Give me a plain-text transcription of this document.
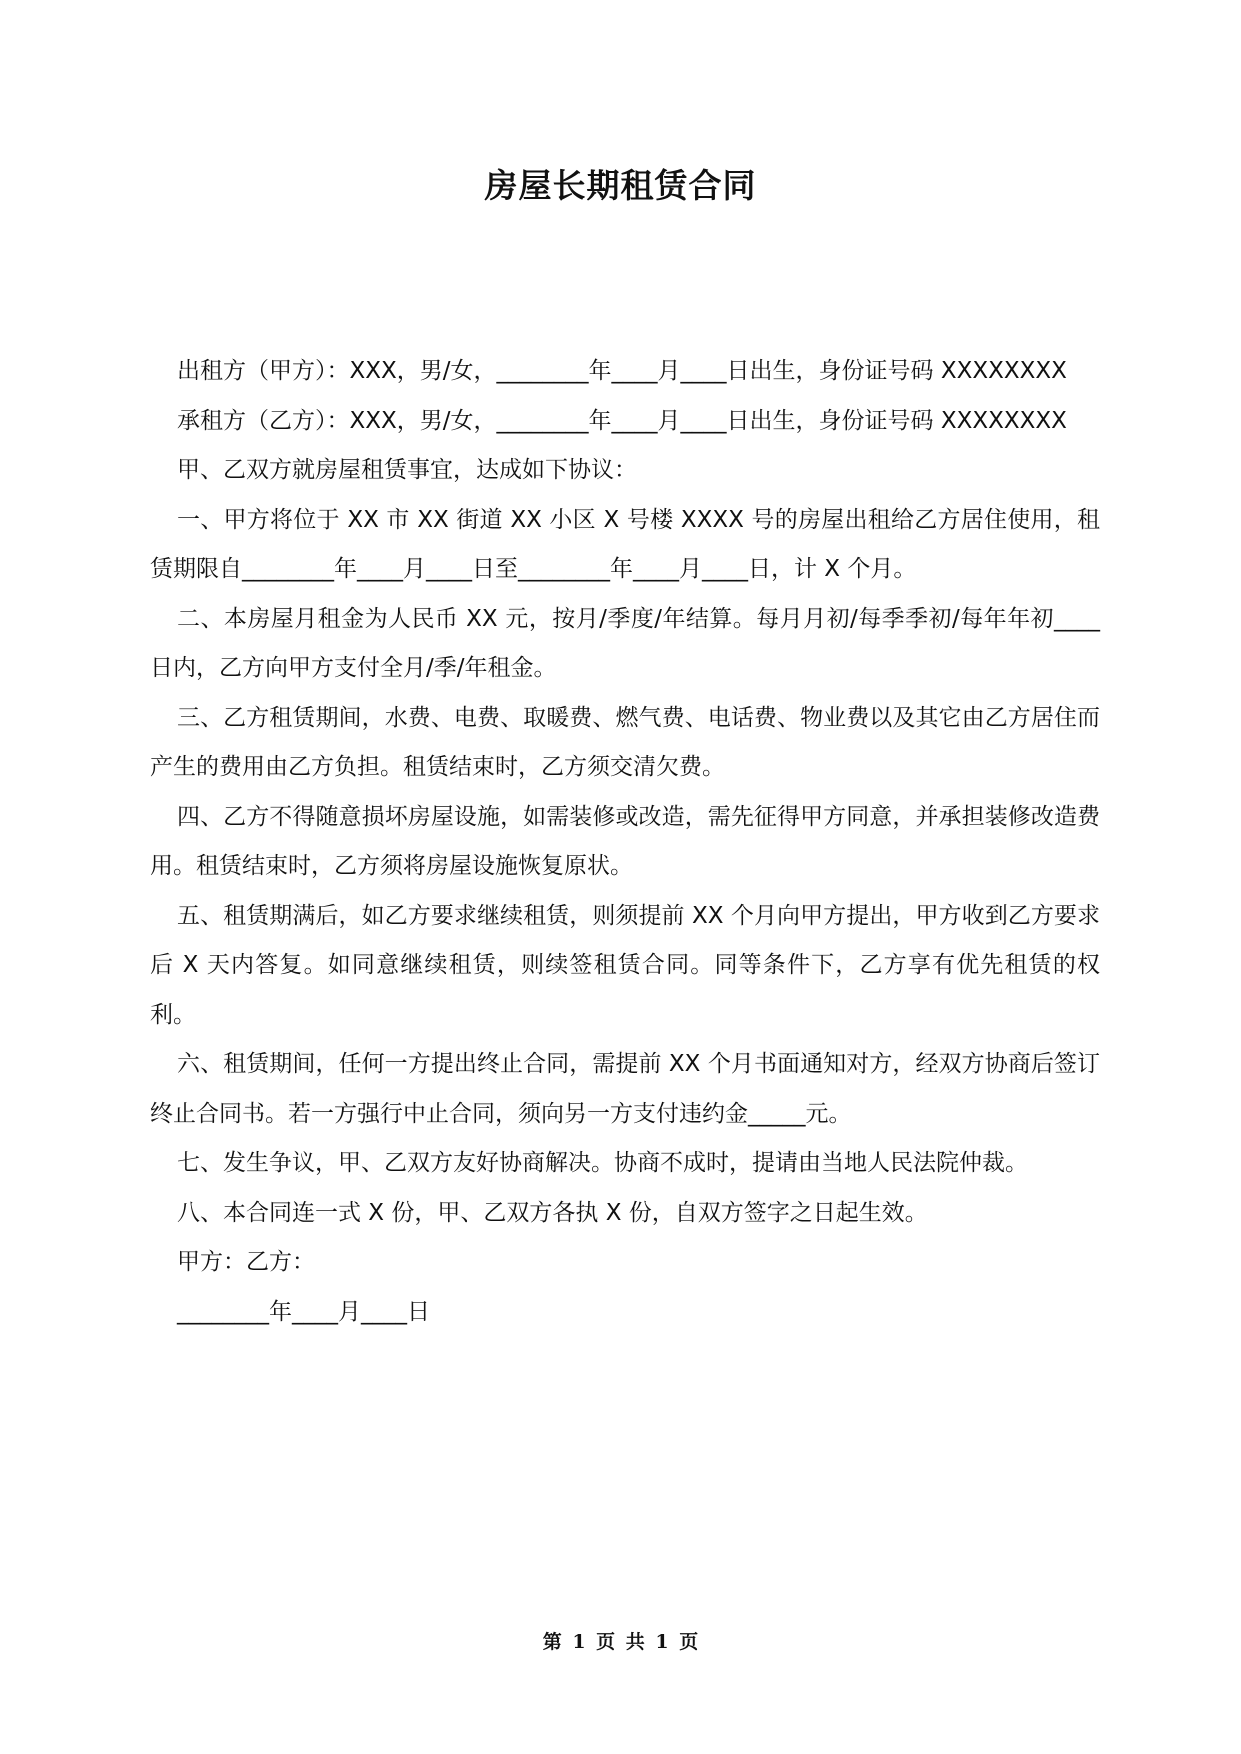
房屋长期租赁合同

出租方（甲方）：XXX，男/女，________年____月____日出生，身份证号码 XXXXXXXX

承租方（乙方）：XXX，男/女，________年____月____日出生，身份证号码 XXXXXXXX

甲、乙双方就房屋租赁事宜，达成如下协议：

一、甲方将位于 XX 市 XX 街道 XX 小区 X 号楼 XXXX 号的房屋出租给乙方居住使用，租赁期限自________年____月____日至________年____月____日，计 X 个月。

二、本房屋月租金为人民币 XX 元，按月/季度/年结算。每月月初/每季季初/每年年初____日内，乙方向甲方支付全月/季/年租金。

三、乙方租赁期间，水费、电费、取暖费、燃气费、电话费、物业费以及其它由乙方居住而产生的费用由乙方负担。租赁结束时，乙方须交清欠费。

四、乙方不得随意损坏房屋设施，如需装修或改造，需先征得甲方同意，并承担装修改造费用。租赁结束时，乙方须将房屋设施恢复原状。

五、租赁期满后，如乙方要求继续租赁，则须提前 XX 个月向甲方提出，甲方收到乙方要求后 X 天内答复。如同意继续租赁，则续签租赁合同。同等条件下，乙方享有优先租赁的权利。

六、租赁期间，任何一方提出终止合同，需提前 XX 个月书面通知对方，经双方协商后签订终止合同书。若一方强行中止合同，须向另一方支付违约金_____元。

七、发生争议，甲、乙双方友好协商解决。协商不成时，提请由当地人民法院仲裁。

八、本合同连一式 X 份，甲、乙双方各执 X 份，自双方签字之日起生效。

甲方：乙方：

________年____月____日

第 1 页 共 1 页
